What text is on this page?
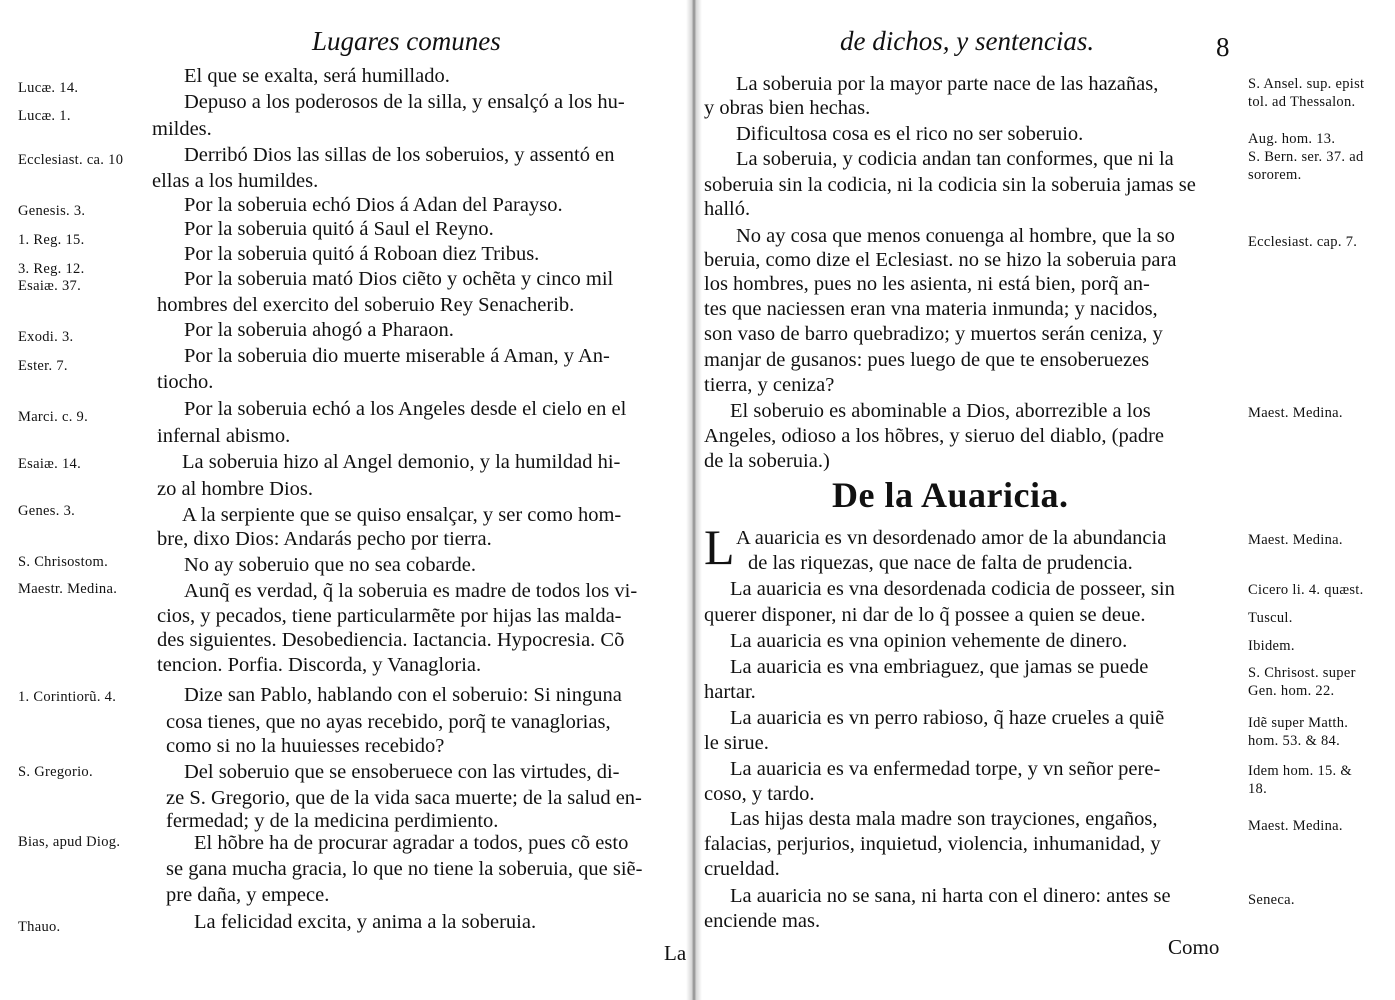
Lugares comunes
El que se exalta, será humillado.
Depuso a los poderosos de la silla, y ensalçó a los hu-
mildes.
Derribó Dios las sillas de los soberuios, y assentó en
ellas a los humildes.
Por la soberuia echó Dios á Adan del Parayso.
Por la soberuia quitó á Saul el Reyno.
Por la soberuia quitó á Roboan diez Tribus.
Por la soberuia mató Dios ciẽto y ochẽta y cinco mil
hombres del exercito del soberuio Rey Senacherib.
Por la soberuia ahogó a Pharaon.
Por la soberuia dio muerte miserable á Aman, y An-
tiocho.
Por la soberuia echó a los Angeles desde el cielo en el
infernal abismo.
La soberuia hizo al Angel demonio, y la humildad hi-
zo al hombre Dios.
A la serpiente que se quiso ensalçar, y ser como hom-
bre, dixo Dios: Andarás pecho por tierra.
No ay soberuio que no sea cobarde.
Aunq̃ es verdad, q̃ la soberuia es madre de todos los vi-
cios, y pecados, tiene particularmẽte por hijas las malda-
des siguientes. Desobediencia. Iactancia. Hypocresia. Cõ
tencion. Porfia. Discorda, y Vanagloria.
Dize san Pablo, hablando con el soberuio: Si ninguna
cosa tienes, que no ayas recebido, porq̃ te vanaglorias,
como si no la huuiesses recebido?
Del soberuio que se ensoberuece con las virtudes, di-
ze S. Gregorio, que de la vida saca muerte; de la salud en-
fermedad; y de la medicina perdimiento.
El hõbre ha de procurar agradar a todos, pues cõ esto
se gana mucha gracia, lo que no tiene la soberuia, que siẽ-
pre daña, y empece.
La felicidad excita, y anima a la soberuia.
La
Lucæ. 14.
Lucæ. 1.
Ecclesiast. ca. 10
Genesis. 3.
1. Reg. 15.
3. Reg. 12.
Esaiæ. 37.
Exodi. 3.
Ester. 7.
Marci. c. 9.
Esaiæ. 14.
Genes. 3.
S. Chrisostom.
Maestr. Medina.
1. Corintiorũ. 4.
S. Gregorio.
Bias, apud Diog.
Thauo.
de dichos, y sentencias.	8
La soberuia por la mayor parte nace de las hazañas,
y obras bien hechas.
Dificultosa cosa es el rico no ser soberuio.
La soberuia, y codicia andan tan conformes, que ni la
soberuia sin la codicia, ni la codicia sin la soberuia jamas se
halló.
No ay cosa que menos conuenga al hombre, que la so
beruia, como dize el Eclesiast. no se hizo la soberuia para
los hombres, pues no les asienta, ni está bien, porq̃ an-
tes que naciessen eran vna materia inmunda; y nacidos,
son vaso de barro quebradizo; y muertos serán ceniza, y
manjar de gusanos: pues luego de que te ensoberuezes
tierra, y ceniza?
El soberuio es abominable a Dios, aborrezible a los
Angeles, odioso a los hõbres, y sieruo del diablo, (padre
de la soberuia.)
De la Auaricia.
L A auaricia es vn desordenado amor de la abundancia
de las riquezas, que nace de falta de prudencia.
La auaricia es vna desordenada codicia de posseer, sin
querer disponer, ni dar de lo q̃ possee a quien se deue.
La auaricia es vna opinion vehemente de dinero.
La auaricia es vna embriaguez, que jamas se puede
hartar.
La auaricia es vn perro rabioso, q̃ haze crueles a quiẽ
le sirue.
La auaricia es va enfermedad torpe, y vn señor pere-
coso, y tardo.
Las hijas desta mala madre son trayciones, engaños,
falacias, perjurios, inquietud, violencia, inhumanidad, y
crueldad.
La auaricia no se sana, ni harta con el dinero: antes se
enciende mas.
Como
S. Ansel. sup. epist
tol. ad Thessalon.
Aug. hom. 13.
S. Bern. ser. 37. ad
sororem.
Ecclesiast. cap. 7.
Maest. Medina.
Maest. Medina.
Cicero li. 4. quæst.
Tuscul.
Ibidem.
S. Chrisost. super
Gen. hom. 22.
Idẽ super Matth.
hom. 53. & 84.
Idem hom. 15. &
18.
Maest. Medina.
Seneca.
